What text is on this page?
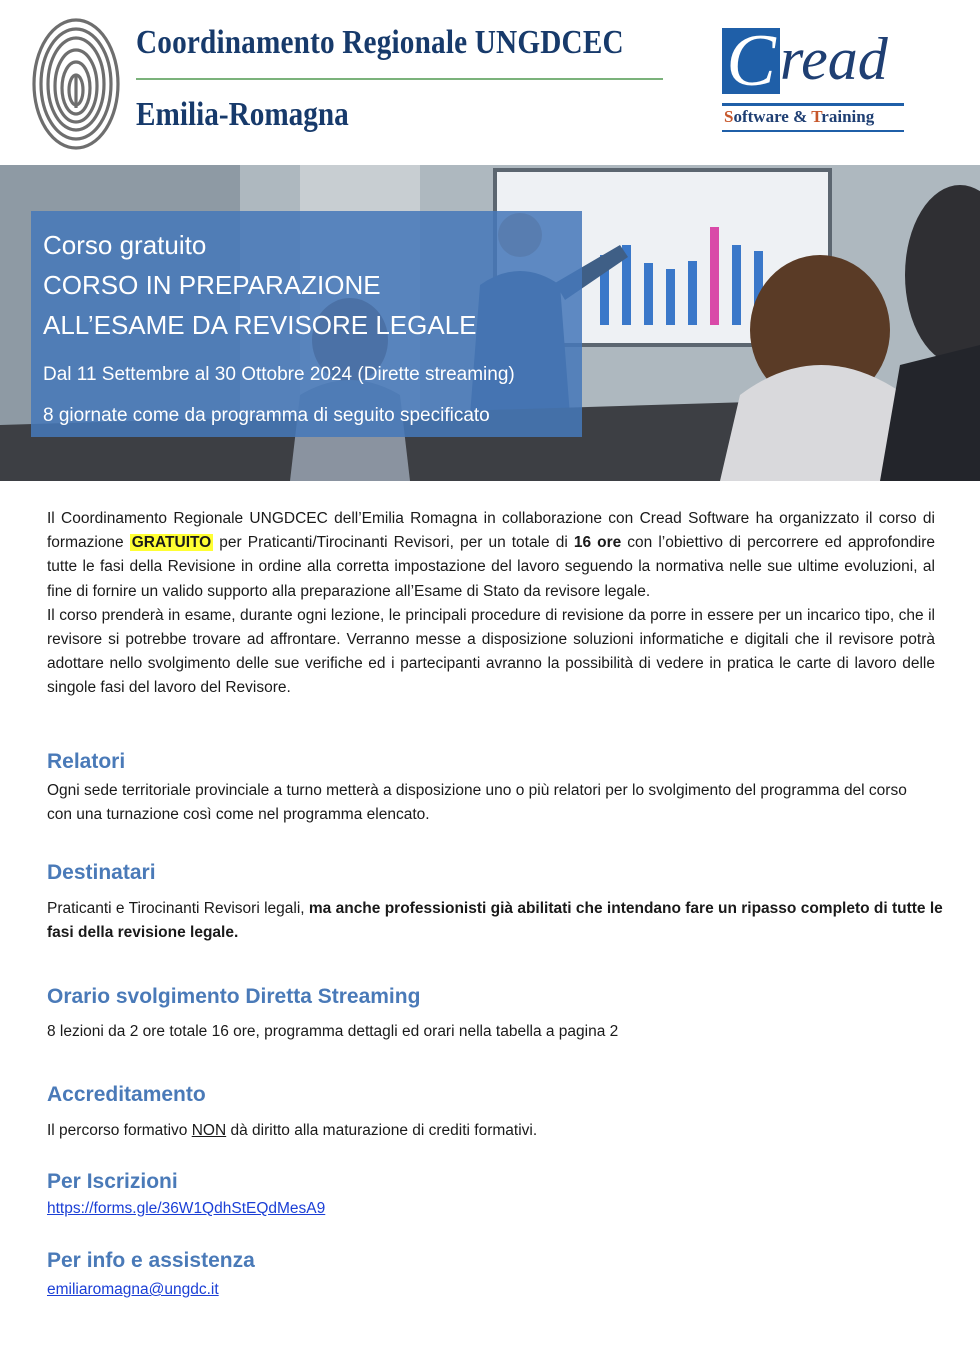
Coordinamento Regionale UNGDCEC
Emilia-Romagna
C read
Software & Training
Corso gratuito
CORSO IN PREPARAZIONE
ALL’ESAME DA REVISORE LEGALE
Dal 11 Settembre al 30 Ottobre 2024 (Dirette streaming)
8 giornate come da programma di seguito specificato

Il Coordinamento Regionale UNGDCEC dell’Emilia Romagna in collaborazione con Cread Software ha organizzato il corso di formazione GRATUITO per Praticanti/Tirocinanti Revisori, per un totale di 16 ore con l’obiettivo di percorrere ed approfondire tutte le fasi della Revisione in ordine alla corretta impostazione del lavoro seguendo la normativa nelle sue ultime evoluzioni, al fine di fornire un valido supporto alla preparazione all’Esame di Stato da revisore legale.

Il corso prenderà in esame, durante ogni lezione, le principali procedure di revisione da porre in essere per un incarico tipo, che il revisore si potrebbe trovare ad affrontare. Verranno messe a disposizione soluzioni informatiche e digitali che il revisore potrà adottare nello svolgimento delle sue verifiche ed i partecipanti avranno la possibilità di vedere in pratica le carte di lavoro delle singole fasi del lavoro del Revisore.

Relatori
Ogni sede territoriale provinciale a turno metterà a disposizione uno o più relatori per lo svolgimento del programma del corso con una turnazione così come nel programma elencato.
Destinatari
Praticanti e Tirocinanti Revisori legali, ma anche professionisti già abilitati che intendano fare un ripasso completo di tutte le fasi della revisione legale.
Orario svolgimento Diretta Streaming
8 lezioni da 2 ore totale 16 ore, programma dettagli ed orari nella tabella a pagina 2
Accreditamento
Il percorso formativo NON dà diritto alla maturazione di crediti formativi.
Per Iscrizioni
https://forms.gle/36W1QdhStEQdMesA9
Per info e assistenza
emiliaromagna@ungdc.it
